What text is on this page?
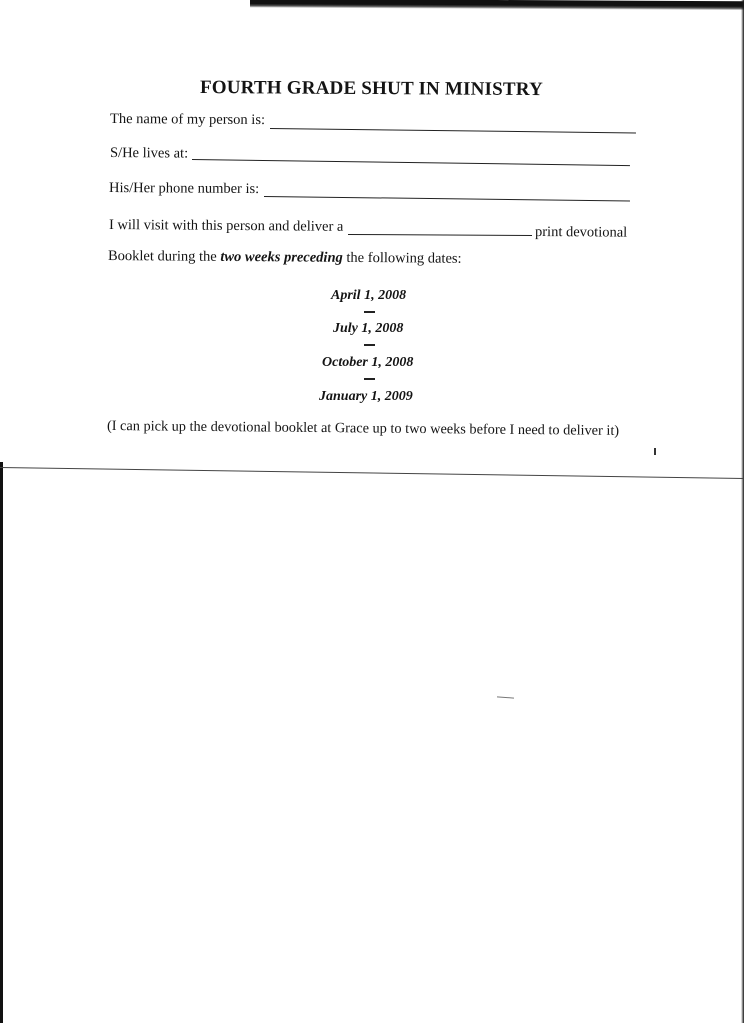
FOURTH GRADE SHUT IN MINISTRY
The name of my person is:
S/He lives at:
His/Her phone number is:
I will visit with this person and deliver a	print devotional
Booklet during the two weeks preceding the following dates:
April 1, 2008
July 1, 2008
October 1, 2008
January 1, 2009
(I can pick up the devotional booklet at Grace up to two weeks before I need to deliver it)
